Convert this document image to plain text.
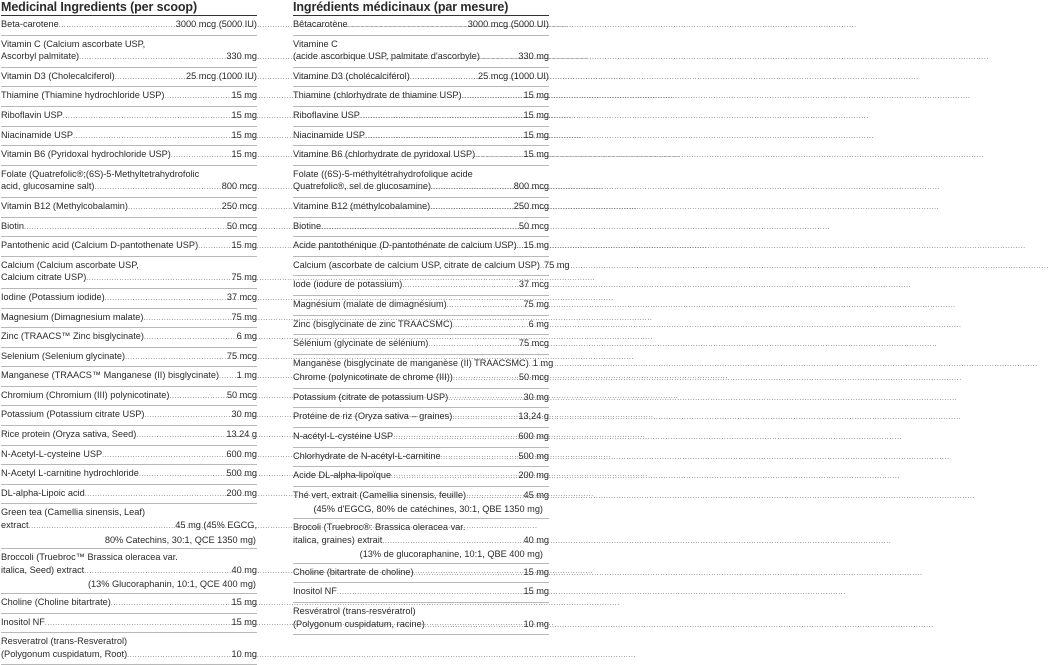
Medicinal Ingredients (per scoop)
Beta-carotene .....	3000 mcg (5000 IU)
Vitamin C (Calcium ascorbate USP,
Ascorbyl palmitate) .....	330 mg
Vitamin D3 (Cholecalciferol) .....	25 mcg (1000 IU)
Thiamine (Thiamine hydrochloride USP) .....	15 mg
Riboflavin USP .....	15 mg
Niacinamide USP .....	15 mg
Vitamin B6 (Pyridoxal hydrochloride USP) .....	15 mg
Folate (Quatrefolic®;(6S)-5-Methyltetrahydrofolic
acid, glucosamine salt) .....	800 mcg
Vitamin B12 (Methylcobalamin) .....	250 mcg
Biotin .....	50 mcg
Pantothenic acid (Calcium D-pantothenate USP) .....	15 mg
Calcium (Calcium ascorbate USP,
Calcium citrate USP) .....	75 mg
Iodine (Potassium iodide) .....	37 mcg
Magnesium (Dimagnesium malate) .....	75 mg
Zinc (TRAACS™ Zinc bisglycinate) .....	6 mg
Selenium (Selenium glycinate) .....	75 mcg
Manganese (TRAACS™ Manganese (II) bisglycinate) ..... 1 mg
Chromium (Chromium (III) polynicotinate) .....	50 mcg
Potassium (Potassium citrate USP) .....	30 mg
Rice protein (Oryza sativa, Seed) .....	13.24 g
N-Acetyl-L-cysteine USP .....	600 mg
N-Acetyl L-carnitine hydrochloride .....	500 mg
DL-alpha-Lipoic acid .....	200 mg
Green tea (Camellia sinensis, Leaf)
extract .....	45 mg (45% EGCG,
80% Catechins, 30:1, QCE 1350 mg)
Broccoli (Truebroc™ Brassica oleracea var.
italica, Seed) extract .....	40 mg
(13% Glucoraphanin, 10:1, QCE 400 mg)
Choline (Choline bitartrate) .....	15 mg
Inositol NF .....	15 mg
Resveratrol (trans-Resveratrol)
(Polygonum cuspidatum, Root) .....	10 mg
Ingrédients médicinaux (par mesure)
Bêtacarotène .....	3000 mcg (5000 UI)
Vitamine C
(acide ascorbique USP, palmitate d'ascorbyle) .....	330 mg
Vitamine D3 (cholécalciférol) .....	25 mcg (1000 UI)
Thiamine (chlorhydrate de thiamine USP) .....	15 mg
Riboflavine USP .....	15 mg
Niacinamide USP .....	15 mg
Vitamine B6 (chlorhydrate de pyridoxal USP) .....	15 mg
Folate ((6S)-5-méthyltétrahydrofolique acide
Quatrefolic®, sel de glucosamine) .....	800 mcg
Vitamine B12 (méthylcobalamine) .....	250 mcg
Biotine .....	50 mcg
Acide pantothénique (D-pantothénate de calcium USP) ..... 15 mg
Calcium (ascorbate de calcium USP, citrate de calcium USP) ..... 75 mg
Iode (iodure de potassium) .....	37 mcg
Magnésium (malate de dimagnésium) .....	75 mg
Zinc (bisglycinate de zinc TRAACSMC) .....	6 mg
Sélénium (glycinate de sélénium) .....	75 mcg
Manganèse (bisglycinate de manganèse (II) TRAACSMC) ..... 1 mg
Chrome (polynicotinate de chrome (III)) .....	50 mcg
Potassium (citrate de potassium USP) .....	30 mg
Protéine de riz (Oryza sativa – graines) .....	13,24 g
N-acétyl-L-cystéine USP .....	600 mg
Chlorhydrate de N-acétyl-L-carnitine .....	500 mg
Acide DL-alpha-lipoïque .....	200 mg
Thé vert, extrait (Camellia sinensis, feuille) .....	45 mg
(45% d'EGCG, 80% de catéchines, 30:1, QBE 1350 mg)
Brocoli (Truebroc®: Brassica oleracea var.
italica, graines) extrait .....	40 mg
(13% de glucoraphanine, 10:1, QBE 400 mg)
Choline (bitartrate de choline) .....	15 mg
Inositol NF .....	15 mg
Resvératrol (trans-resvératrol)
(Polygonum cuspidatum, racine) .....	10 mg
